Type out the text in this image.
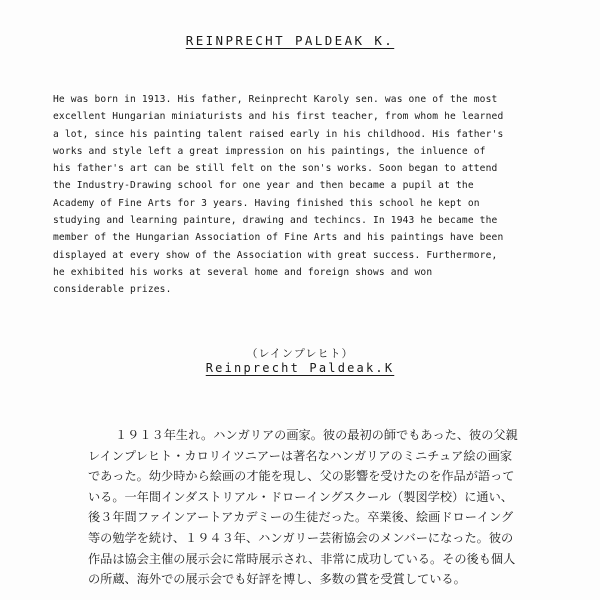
REINPRECHT PALDEAK K.
He was born in 1913. His father, Reinprecht Karoly sen. was one of the most
excellent Hungarian miniaturists and his first teacher, from whom he learned
a lot, since his painting talent raised early in his childhood. His father's
works and style left a great impression on his paintings, the inluence of
his father's art can be still felt on the son's works. Soon began to attend
the Industry-Drawing school for one year and then became a pupil at the
Academy of Fine Arts for 3 years. Having finished this school he kept on
studying and learning painture, drawing and techincs. In 1943 he became the
member of the Hungarian Association of Fine Arts and his paintings have been
displayed at every show of the Association with great success. Furthermore,
he exhibited his works at several home and foreign shows and won
considerable prizes.
（レインプレヒト）
Reinprecht Paldeak.K
１９１３年生れ。ハンガリアの画家。彼の最初の師でもあった、彼の父親
レインプレヒト・カロリイツニアーは著名なハンガリアのミニチュア絵の画家
であった。幼少時から絵画の才能を現し、父の影響を受けたのを作品が語って
いる。一年間インダストリアル・ドローイングスクール（製図学校）に通い、
後３年間ファインアートアカデミーの生徒だった。卒業後、絵画ドローイング
等の勉学を続け、１９４３年、ハンガリー芸術協会のメンバーになった。彼の
作品は協会主催の展示会に常時展示され、非常に成功している。その後も個人
の所蔵、海外での展示会でも好評を博し、多数の賞を受賞している。
